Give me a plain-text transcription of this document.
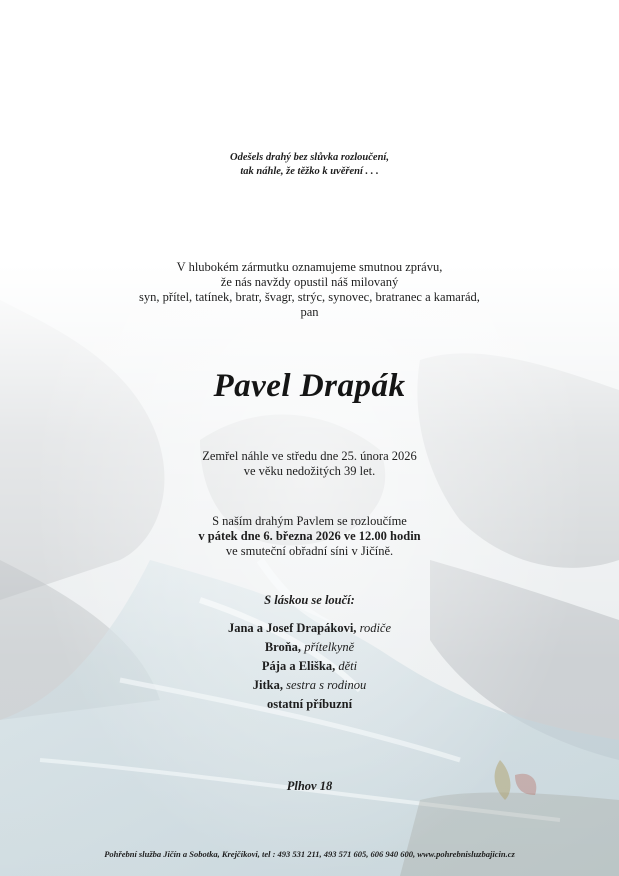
Odešels drahý bez slůvka rozloučení,
tak náhle, že těžko k uvěření . . .
V hlubokém zármutku oznamujeme smutnou zprávu,
že nás navždy opustil náš milovaný
syn, přítel, tatínek, bratr, švagr, strýc, synovec, bratranec a kamarád,
pan
Pavel Drapák
Zemřel náhle ve středu dne 25. února 2026
ve věku nedožitých 39 let.
S naším drahým Pavlem se rozloučíme
v pátek dne 6. března 2026 ve 12.00 hodin
ve smuteční obřadní síni v Jičíně.
S láskou se loučí:
Jana a Josef Drapákovi, rodiče
Broňa, přítelkyně
Pája a Eliška, děti
Jitka, sestra s rodinou
ostatní příbuzní
Plhov 18
Pohřební služba Jičín a Sobotka, Krejčíkovi, tel : 493 531 211, 493 571 605, 606 940 600, www.pohrebnisluzbajicin.cz	·
